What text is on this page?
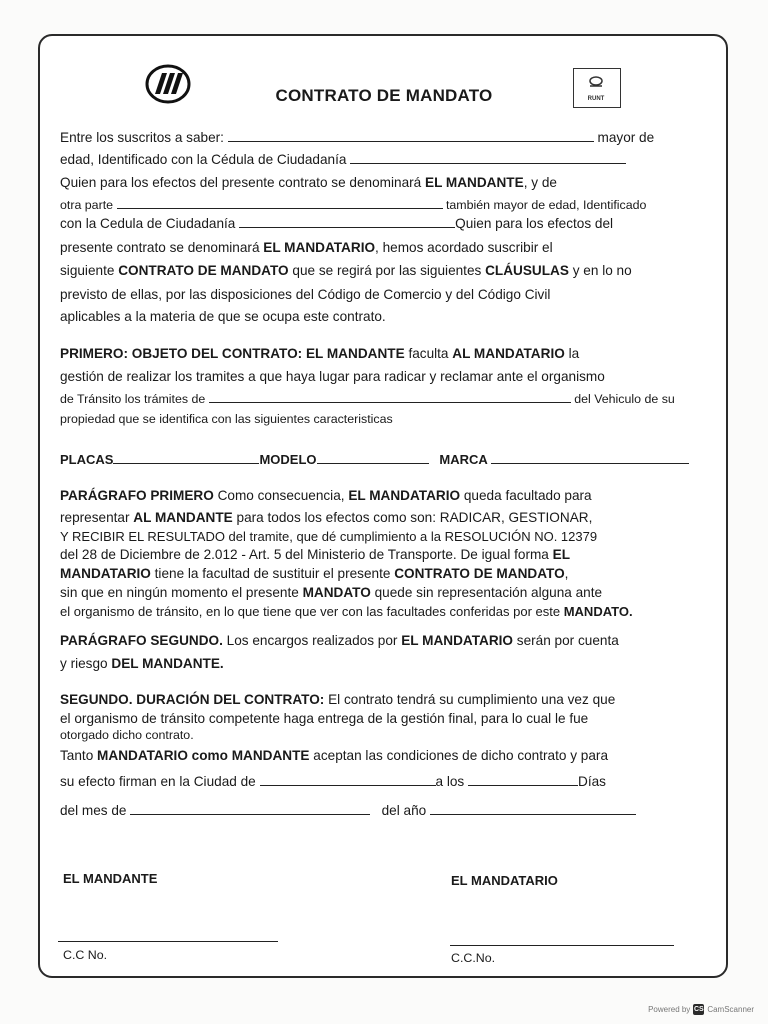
RUNT
CONTRATO DE MANDATO
Entre los suscritos a saber:	mayor de
edad, Identificado con la Cédula de Ciudadanía
Quien para los efectos del presente contrato se denominará EL MANDANTE, y de
otra parte	también mayor de edad, Identificado
con la Cedula de Ciudadanía	Quien para los efectos del
presente contrato se denominará EL MANDATARIO, hemos acordado suscribir el
siguiente CONTRATO DE MANDATO que se regirá por las siguientes CLÁUSULAS y en lo no
previsto de ellas, por las disposiciones del Código de Comercio y del Código Civil
aplicables a la materia de que se ocupa este contrato.
PRIMERO: OBJETO DEL CONTRATO: EL MANDANTE faculta AL MANDATARIO la
gestión de realizar los tramites a que haya lugar para radicar y reclamar ante el organismo
de Tránsito los trámites de	del Vehiculo de su
propiedad que se identifica con las siguientes caracteristicas
PLACAS	MODELO	MARCA
PARÁGRAFO PRIMERO Como consecuencia, EL MANDATARIO queda facultado para
representar AL MANDANTE para todos los efectos como son: RADICAR, GESTIONAR,
Y RECIBIR EL RESULTADO del tramite, que dé cumplimiento a la RESOLUCIÓN NO. 12379
del 28 de Diciembre de 2.012 - Art. 5 del Ministerio de Transporte. De igual forma EL
MANDATARIO tiene la facultad de sustituir el presente CONTRATO DE MANDATO,
sin que en ningún momento el presente MANDATO quede sin representación alguna ante
el organismo de tránsito, en lo que tiene que ver con las facultades conferidas por este MANDATO.
PARÁGRAFO SEGUNDO. Los encargos realizados por EL MANDATARIO serán por cuenta
y riesgo DEL MANDANTE.
SEGUNDO. DURACIÓN DEL CONTRATO: El contrato tendrá su cumplimiento una vez que
el organismo de tránsito competente haga entrega de la gestión final, para lo cual le fue
otorgado dicho contrato.
Tanto MANDATARIO como MANDANTE aceptan las condiciones de dicho contrato y para
su efecto firman en la Ciudad de	a los	Días
del mes de	del año
EL MANDANTE	EL MANDATARIO
C.C No.	C.C.No.
Powered by CS CamScanner
